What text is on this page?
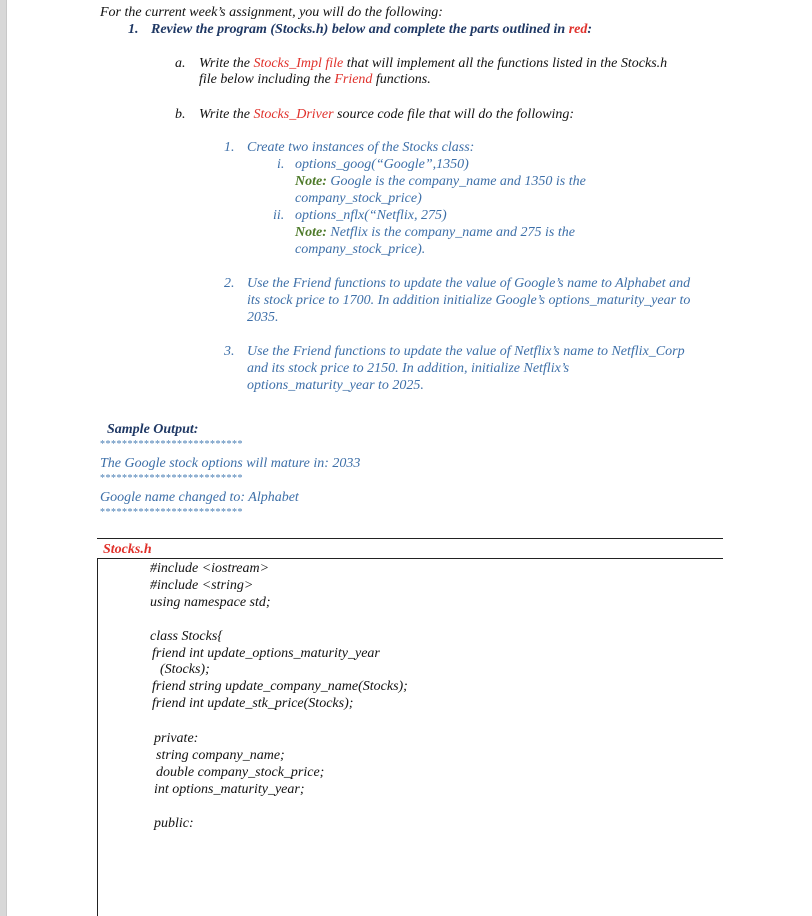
For the current week’s assignment, you will do the following:
1. Review the program (Stocks.h) below and complete the parts outlined in red:
a. Write the Stocks_Impl file that will implement all the functions listed in the Stocks.h
file below including the Friend functions.
b. Write the Stocks_Driver source code file that will do the following:
1. Create two instances of the Stocks class:
i. options_goog(“Google”,1350)
Note: Google is the company_name and 1350 is the
company_stock_price)
ii. options_nflx(“Netflix, 275)
Note: Netflix is the company_name and 275 is the
company_stock_price).
2. Use the Friend functions to update the value of Google’s name to Alphabet and
its stock price to 1700. In addition initialize Google’s options_maturity_year to
2035.
3. Use the Friend functions to update the value of Netflix’s name to Netflix_Corp
and its stock price to 2150. In addition, initialize Netflix’s
options_maturity_year to 2025.
Sample Output:
**************************
The Google stock options will mature in: 2033
**************************
Google name changed to: Alphabet
**************************
Stocks.h
#include <iostream>
#include <string>
using namespace std;
class Stocks{
friend int update_options_maturity_year
(Stocks);
friend string update_company_name(Stocks);
friend int update_stk_price(Stocks);
private:
string company_name;
double company_stock_price;
int options_maturity_year;
public:
